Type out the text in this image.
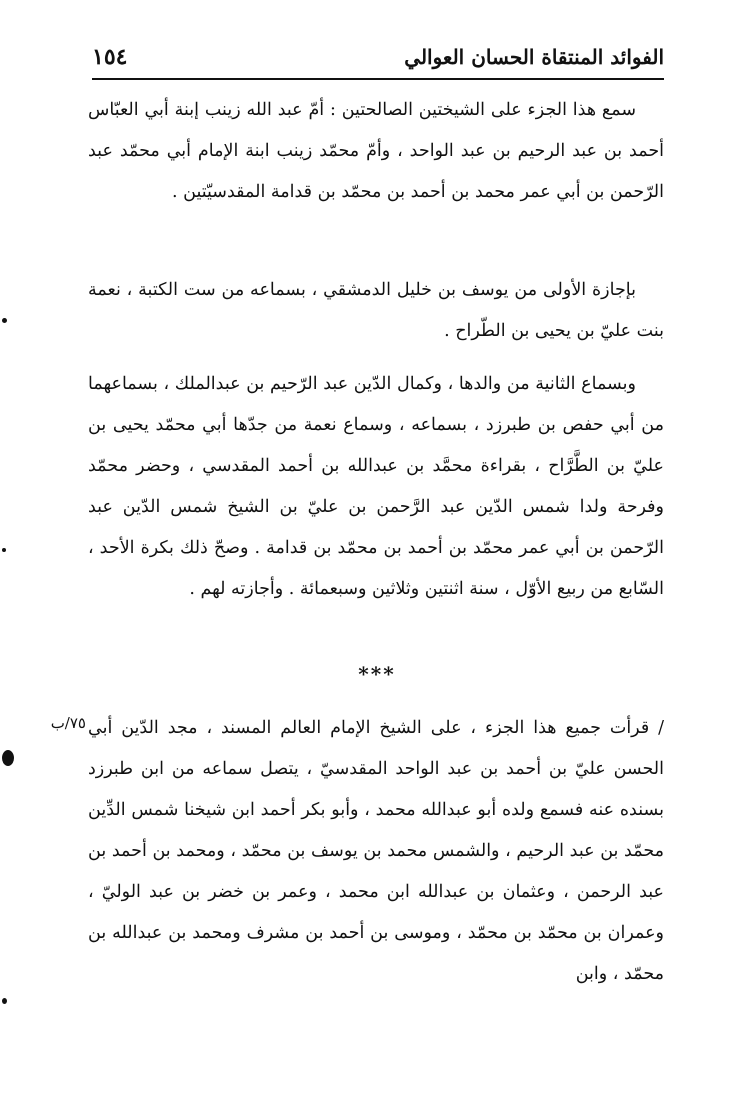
الفوائد المنتقاة الحسان العوالي
١٥٤

سمع هذا الجزء على الشيختين الصالحتين : أمّ عبد الله زينب إبنة أبي العبّاس أحمد بن عبد الرحيم بن عبد الواحد ، وأمّ محمّد زينب ابنة الإمام أبي محمّد عبد الرّحمن بن أبي عمر محمد بن أحمد بن محمّد بن قدامة المقدسيّتين .

بإجازة الأولى من يوسف بن خليل الدمشقي ، بسماعه من ست الكتبة ، نعمة بنت عليّ بن يحيى بن الطّراح .

وبسماع الثانية من والدها ، وكمال الدّين عبد الرّحيم بن عبدالملك ، بسماعهما من أبي حفص بن طبرزد ، بسماعه ، وسماع نعمة من جدّها أبي محمّد يحيى بن عليّ بن الطَّرَّاح ، بقراءة محمَّد بن عبدالله بن أحمد المقدسي ، وحضر محمّد وفرحة ولدا شمس الدّين عبد الرَّحمن بن عليّ بن الشيخ شمس الدّين عبد الرّحمن بن أبي عمر محمّد بن أحمد بن محمّد بن قدامة . وصحّ ذلك بكرة الأحد ، السّابع من ربيع الأوّل ، سنة اثنتين وثلاثين وسبعمائة . وأجازته لهم .

***

/ قرأت جميع هذا الجزء ، على الشيخ الإمام العالم المسند ، مجد الدّين أبي الحسن عليّ بن أحمد بن عبد الواحد المقدسيّ ، يتصل سماعه من ابن طبرزد بسنده عنه فسمع ولده أبو عبدالله محمد ، وأبو بكر أحمد ابن شيخنا شمس الدِّين محمّد بن عبد الرحيم ، والشمس محمد بن يوسف بن محمّد ، ومحمد بن أحمد بن عبد الرحمن ، وعثمان بن عبدالله ابن محمد ، وعمر بن خضر بن عبد الوليّ ، وعمران بن محمّد بن محمّد ، وموسى بن أحمد بن مشرف ومحمد بن عبدالله بن محمّد ، وابن

٧٥/ب
